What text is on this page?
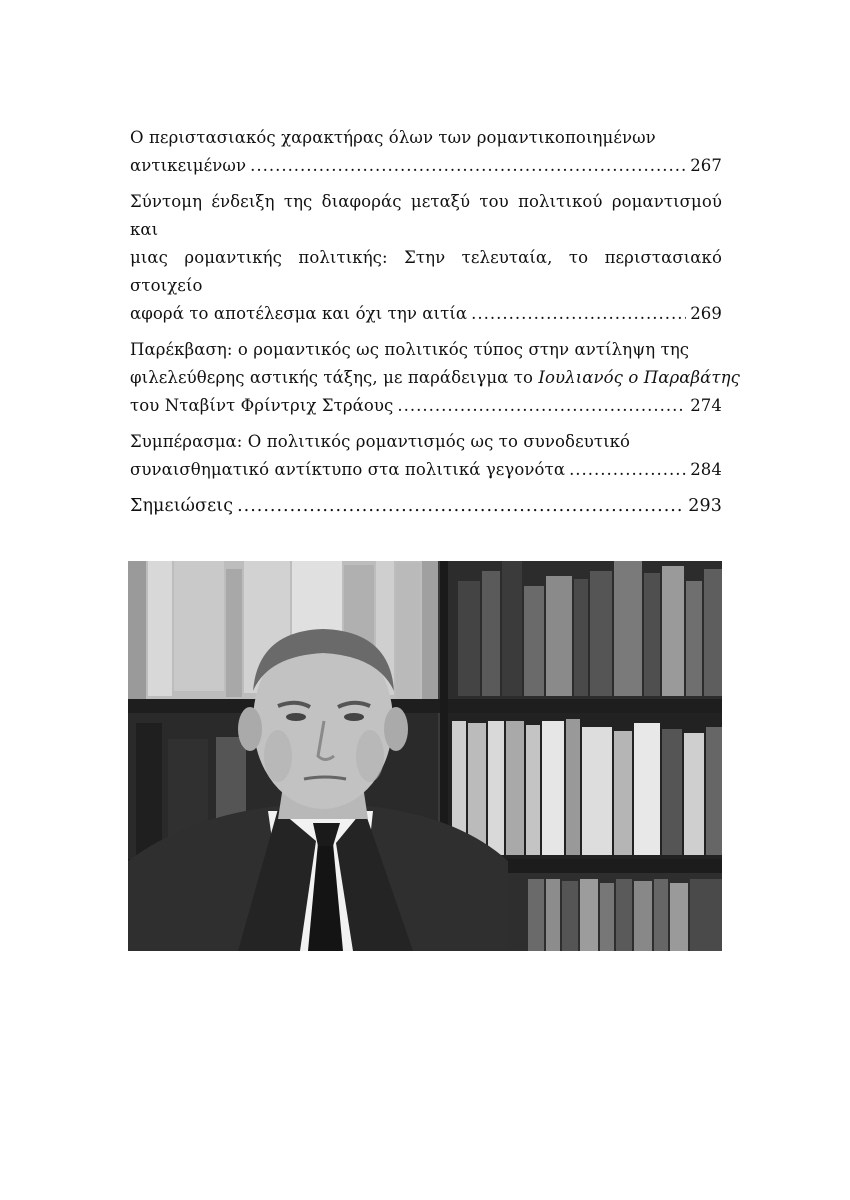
Ο περιστασιακός χαρακτήρας όλων των ρομαντικοποιημένων
αντικειμένων .....	267
Σύντομη ένδειξη της διαφοράς μεταξύ του πολιτικού ρομαντισμού και
μιας ρομαντικής πολιτικής: Στην τελευταία, το περιστασιακό στοιχείο
αφορά το αποτέλεσμα και όχι την αιτία .....	269
Παρέκβαση: ο ρομαντικός ως πολιτικός τύπος στην αντίληψη της
φιλελεύθερης αστικής τάξης, με παράδειγμα το Ιουλιανός ο Παραβάτης
του Νταβίντ Φρίντριχ Στράους .....	274
Συμπέρασμα: Ο πολιτικός ρομαντισμός ως το συνοδευτικό
συναισθηματικό αντίκτυπο στα πολιτικά γεγονότα .....	284
Σημειώσεις .....	293
